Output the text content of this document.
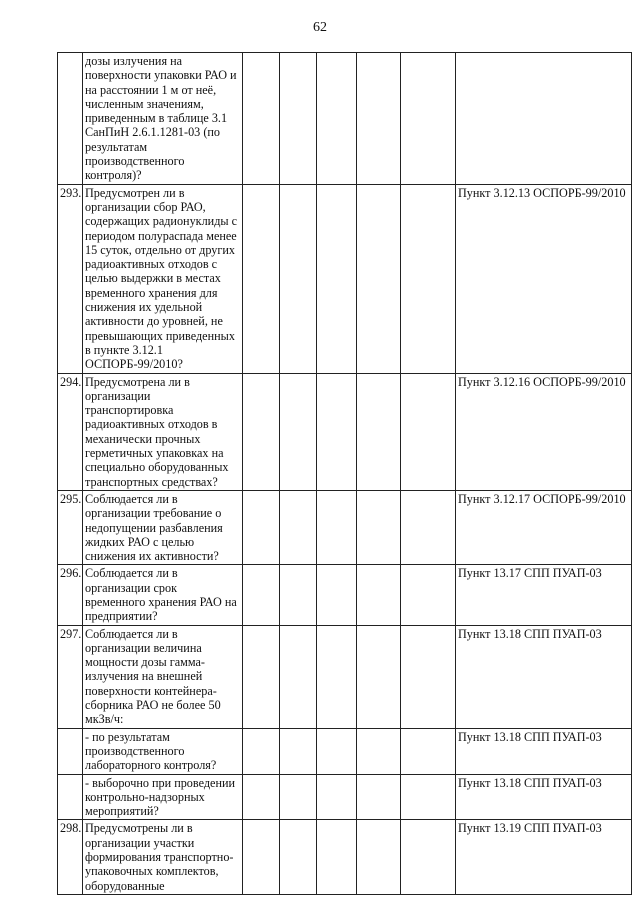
62
	дозы излучения на поверхности упаковки РАО и на расстоянии 1 м от неё, численным значениям, приведенным в таблице 3.1 СанПиН 2.6.1.1281-03 (по результатам производственного контроля)?						
293.	Предусмотрен ли в организации сбор РАО, содержащих радионуклиды с периодом полураспада менее 15 суток, отдельно от других радиоактивных отходов с целью выдержки в местах временного хранения для снижения их удельной активности до уровней, не превышающих приведенных в пункте 3.12.1 ОСПОРБ-99/2010?						Пункт 3.12.13 ОСПОРБ-99/2010
294.	Предусмотрена ли в организации транспортировка радиоактивных отходов в механически прочных герметичных упаковках на специально оборудованных транспортных средствах?						Пункт 3.12.16 ОСПОРБ-99/2010
295.	Соблюдается ли в организации требование о недопущении разбавления жидких РАО с целью снижения их активности?						Пункт 3.12.17 ОСПОРБ-99/2010
296.	Соблюдается ли в организации срок временного хранения РАО на предприятии?						Пункт 13.17 СПП ПУАП-03
297.	Соблюдается ли в организации величина мощности дозы гамма-излучения на внешней поверхности контейнера-сборника РАО не более 50 мкЗв/ч:						Пункт 13.18 СПП ПУАП-03
	- по результатам производственного лабораторного контроля?						Пункт 13.18 СПП ПУАП-03
	- выборочно при проведении контрольно-надзорных мероприятий?						Пункт 13.18 СПП ПУАП-03
298.	Предусмотрены ли в организации участки формирования транспортно-упаковочных комплектов, оборудованные						Пункт 13.19 СПП ПУАП-03
